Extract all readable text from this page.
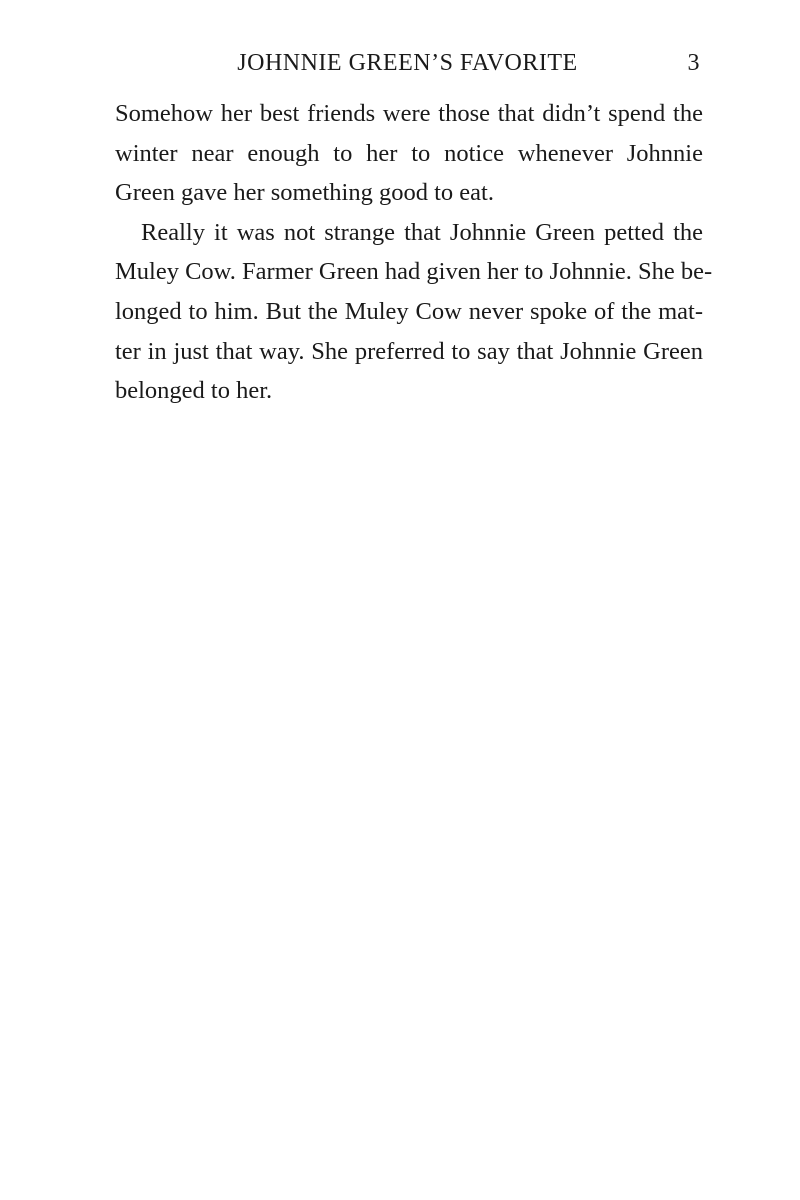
JOHNNIE GREEN’S FAVORITE	3

Somehow her best friends were those that didn’t spend the
winter near enough to her to notice whenever Johnnie
Green gave her something good to eat.

Really it was not strange that Johnnie Green petted the
Muley Cow. Farmer Green had given her to Johnnie. She be-
longed to him. But the Muley Cow never spoke of the mat-
ter in just that way. She preferred to say that Johnnie Green
belonged to her.
